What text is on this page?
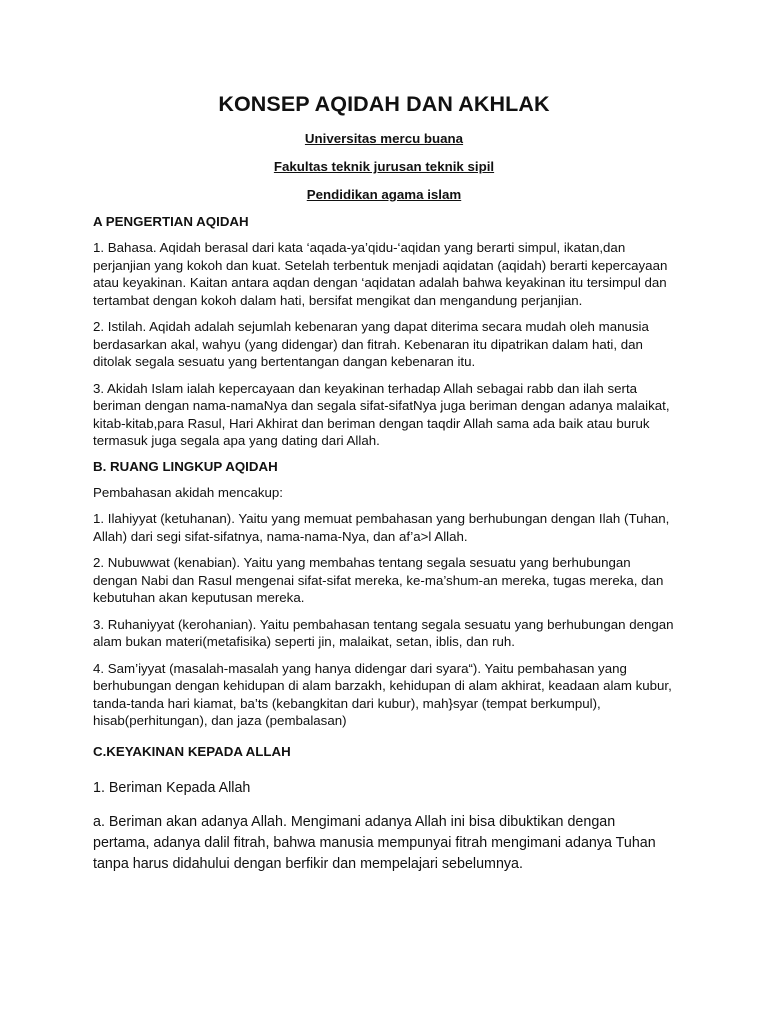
KONSEP AQIDAH DAN AKHLAK
Universitas mercu buana
Fakultas teknik jurusan teknik sipil
Pendidikan agama islam
A PENGERTIAN AQIDAH

1. Bahasa. Aqidah berasal dari kata ‘aqada-ya’qidu-‘aqidan yang berarti simpul, ikatan,dan perjanjian yang kokoh dan kuat. Setelah terbentuk menjadi aqidatan (aqidah) berarti kepercayaan atau keyakinan. Kaitan antara aqdan dengan ‘aqidatan adalah bahwa keyakinan itu tersimpul dan tertambat dengan kokoh dalam hati, bersifat mengikat dan mengandung perjanjian.

2. Istilah. Aqidah adalah sejumlah kebenaran yang dapat diterima secara mudah oleh manusia berdasarkan akal, wahyu (yang didengar) dan fitrah. Kebenaran itu dipatrikan dalam hati, dan ditolak segala sesuatu yang bertentangan dangan kebenaran itu.

3. Akidah Islam ialah kepercayaan dan keyakinan terhadap Allah sebagai rabb dan ilah serta beriman dengan nama-namaNya dan segala sifat-sifatNya juga beriman dengan adanya malaikat, kitab-kitab,para Rasul, Hari Akhirat dan beriman dengan taqdir Allah sama ada baik atau buruk termasuk juga segala apa yang dating dari Allah.

B. RUANG LINGKUP AQIDAH

Pembahasan akidah mencakup:

1. Ilahiyyat (ketuhanan). Yaitu yang memuat pembahasan yang berhubungan dengan Ilah (Tuhan, Allah) dari segi sifat-sifatnya, nama-nama-Nya, dan af’a>l Allah.

2. Nubuwwat (kenabian). Yaitu yang membahas tentang segala sesuatu yang berhubungan dengan Nabi dan Rasul mengenai sifat-sifat mereka, ke-ma’shum-an mereka, tugas mereka, dan kebutuhan akan keputusan mereka.

3. Ruhaniyyat (kerohanian). Yaitu pembahasan tentang segala sesuatu yang berhubungan dengan alam bukan materi(metafisika) seperti jin, malaikat, setan, iblis, dan ruh.

4. Sam’iyyat (masalah-masalah yang hanya didengar dari syara“). Yaitu pembahasan yang berhubungan dengan kehidupan di alam barzakh, kehidupan di alam akhirat, keadaan alam kubur, tanda-tanda hari kiamat, ba’ts (kebangkitan dari kubur), mah}syar (tempat berkumpul), hisab(perhitungan), dan jaza (pembalasan)

C.KEYAKINAN KEPADA ALLAH

1. Beriman Kepada Allah

a. Beriman akan adanya Allah. Mengimani adanya Allah ini bisa dibuktikan dengan pertama, adanya dalil fitrah, bahwa manusia mempunyai fitrah mengimani adanya Tuhan tanpa harus didahului dengan berfikir dan mempelajari sebelumnya.
